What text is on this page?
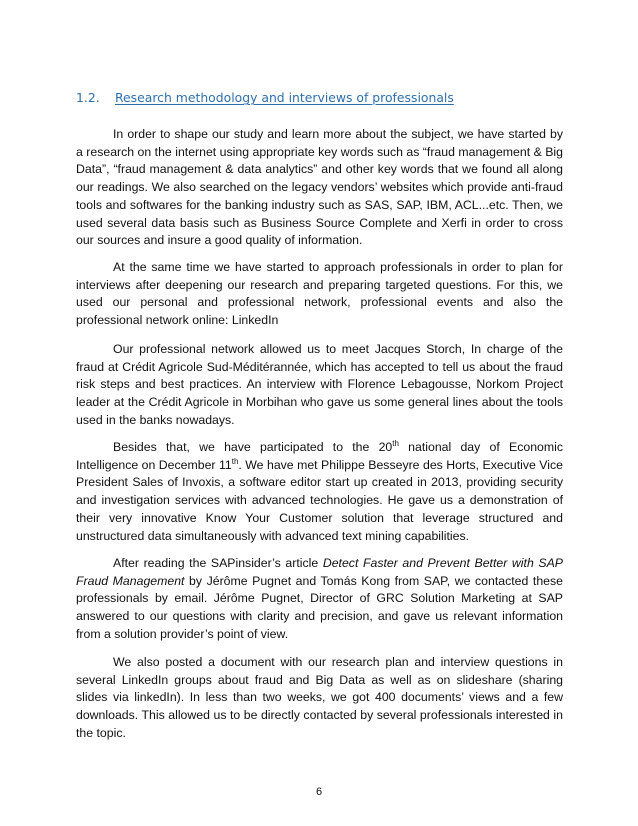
1.2. Research methodology and interviews of professionals

In order to shape our study and learn more about the subject, we have started by a research on the internet using appropriate key words such as “fraud management & Big Data”, “fraud management & data analytics” and other key words that we found all along our readings. We also searched on the legacy vendors’ websites which provide anti-fraud tools and softwares for the banking industry such as SAS, SAP, IBM, ACL...etc. Then, we used several data basis such as Business Source Complete and Xerfi in order to cross our sources and insure a good quality of information.

At the same time we have started to approach professionals in order to plan for interviews after deepening our research and preparing targeted questions. For this, we used our personal and professional network, professional events and also the professional network online: LinkedIn

Our professional network allowed us to meet Jacques Storch, In charge of the fraud at Crédit Agricole Sud-Méditérannée, which has accepted to tell us about the fraud risk steps and best practices. An interview with Florence Lebagousse, Norkom Project leader at the Crédit Agricole in Morbihan who gave us some general lines about the tools used in the banks nowadays.

Besides that, we have participated to the 20th national day of Economic Intelligence on December 11th. We have met Philippe Besseyre des Horts, Executive Vice President Sales of Invoxis, a software editor start up created in 2013, providing security and investigation services with advanced technologies. He gave us a demonstration of their very innovative Know Your Customer solution that leverage structured and unstructured data simultaneously with advanced text mining capabilities.

After reading the SAPinsider’s article Detect Faster and Prevent Better with SAP Fraud Management by Jérôme Pugnet and Tomás Kong from SAP, we contacted these professionals by email. Jérôme Pugnet, Director of GRC Solution Marketing at SAP answered to our questions with clarity and precision, and gave us relevant information from a solution provider’s point of view.

We also posted a document with our research plan and interview questions in several LinkedIn groups about fraud and Big Data as well as on slideshare (sharing slides via linkedIn). In less than two weeks, we got 400 documents’ views and a few downloads. This allowed us to be directly contacted by several professionals interested in the topic.

6
